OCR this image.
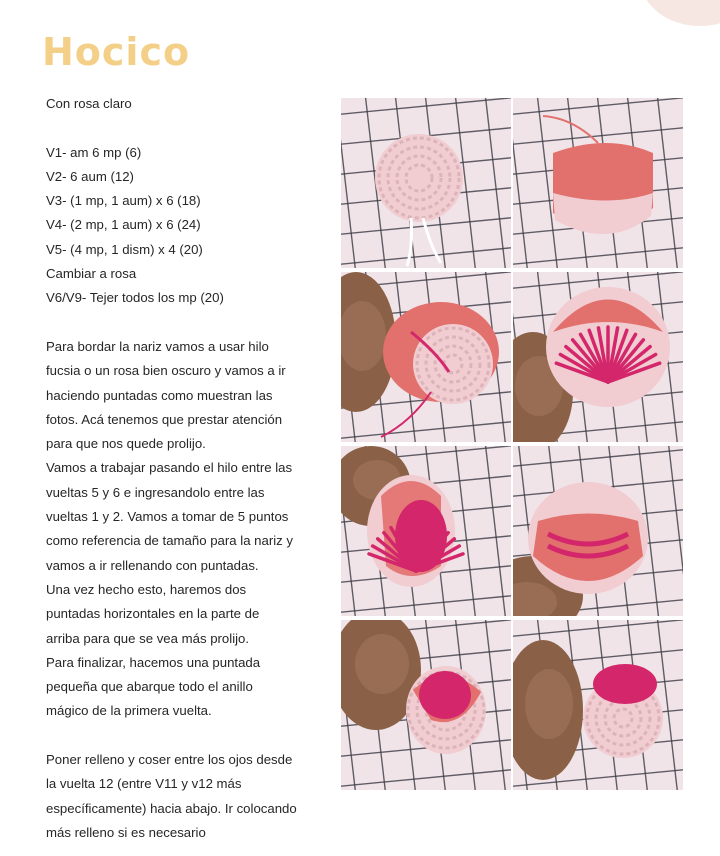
Hocico
Con rosa claro
V1- am 6 mp (6)
V2- 6 aum (12)
V3- (1 mp, 1 aum) x 6 (18)
V4- (2 mp, 1 aum) x 6 (24)
V5- (4 mp, 1 dism) x 4 (20)
Cambiar a rosa
V6/V9- Tejer todos los mp (20)
Para bordar la nariz vamos a usar hilo
fucsia o un rosa bien oscuro y vamos a ir
haciendo puntadas como muestran las
fotos. Acá tenemos que prestar atención
para que nos quede prolijo.
Vamos a trabajar pasando el hilo entre las
vueltas 5 y 6 e ingresandolo entre las
vueltas 1 y 2. Vamos a tomar de 5 puntos
como referencia de tamaño para la nariz y
vamos a ir rellenando con puntadas.
Una vez hecho esto, haremos dos
puntadas horizontales en la parte de
arriba para que se vea más prolijo.
Para finalizar, hacemos una puntada
pequeña que abarque todo el anillo
mágico de la primera vuelta.
Poner relleno y coser entre los ojos desde
la vuelta 12 (entre V11 y v12 más
específicamente) hacia abajo. Ir colocando
más relleno si es necesario
